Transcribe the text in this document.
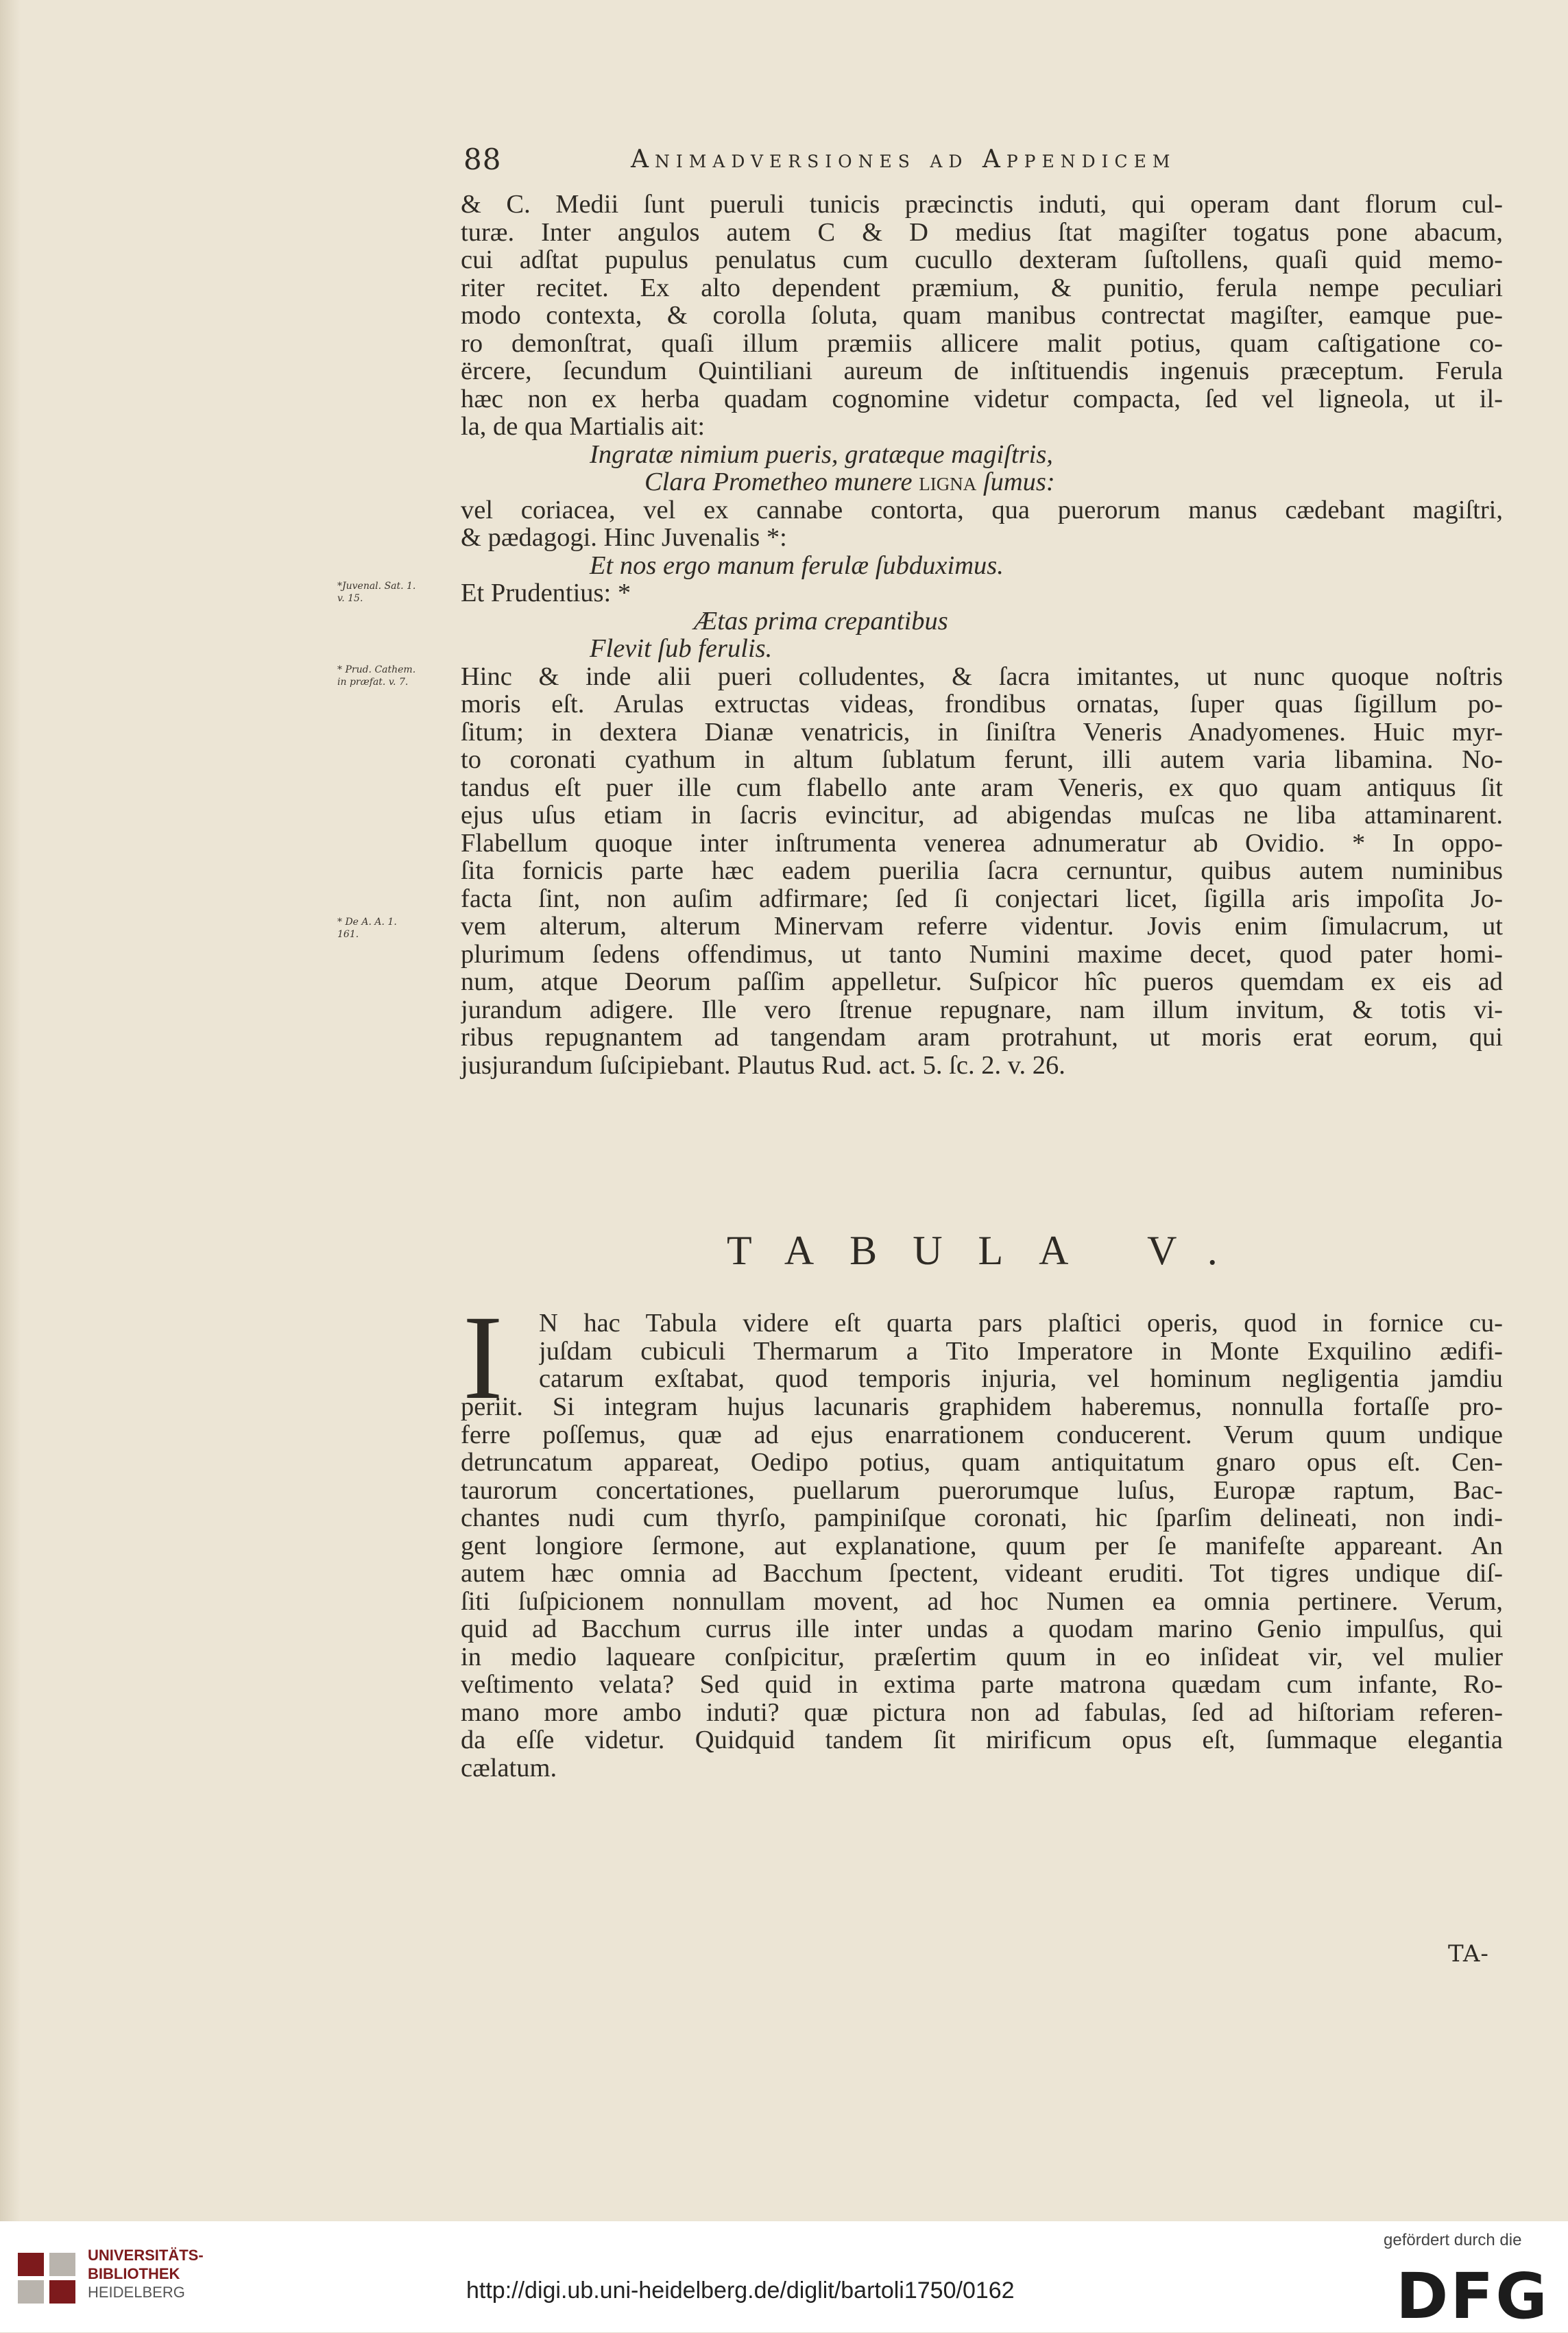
88	Animadversiones ad Appendicem
& C. Medii ſunt pueruli tunicis præcinctis induti, qui operam dant florum cul-
turæ. Inter angulos autem C & D medius ſtat magiſter togatus pone abacum,
cui adſtat pupulus penulatus cum cucullo dexteram ſuſtollens, quaſi quid memo-
riter recitet. Ex alto dependent præmium, & punitio, ferula nempe peculiari
modo contexta, & corolla ſoluta, quam manibus contrectat magiſter, eamque pue-
ro demonſtrat, quaſi illum præmiis allicere malit potius, quam caſtigatione co-
ërcere, ſecundum Quintiliani aureum de inſtituendis ingenuis præceptum. Ferula
hæc non ex herba quadam cognomine videtur compacta, ſed vel ligneola, ut il-
la, de qua Martialis ait:
Ingratæ nimium pueris, gratæque magiſtris,
Clara Prometheo munere ligna ſumus:
vel coriacea, vel ex cannabe contorta, qua puerorum manus cædebant magiſtri,
& pædagogi. Hinc Juvenalis *:
Et nos ergo manum ferulæ ſubduximus.
Et Prudentius: *
Ætas prima crepantibus
Flevit ſub ferulis.
Hinc & inde alii pueri colludentes, & ſacra imitantes, ut nunc quoque noſtris
moris eſt. Arulas extructas videas, frondibus ornatas, ſuper quas ſigillum po-
ſitum; in dextera Dianæ venatricis, in ſiniſtra Veneris Anadyomenes. Huic myr-
to coronati cyathum in altum ſublatum ferunt, illi autem varia libamina. No-
tandus eſt puer ille cum flabello ante aram Veneris, ex quo quam antiquus ſit
ejus uſus etiam in ſacris evincitur, ad abigendas muſcas ne liba attaminarent.
Flabellum quoque inter inſtrumenta venerea adnumeratur ab Ovidio. * In oppo-
ſita fornicis parte hæc eadem puerilia ſacra cernuntur, quibus autem numinibus
facta ſint, non auſim adfirmare; ſed ſi conjectari licet, ſigilla aris impoſita Jo-
vem alterum, alterum Minervam referre videntur. Jovis enim ſimulacrum, ut
plurimum ſedens offendimus, ut tanto Numini maxime decet, quod pater homi-
num, atque Deorum paſſim appelletur. Suſpicor hîc pueros quemdam ex eis ad
jurandum adigere. Ille vero ſtrenue repugnare, nam illum invitum, & totis vi-
ribus repugnantem ad tangendam aram protrahunt, ut moris erat eorum, qui
jusjurandum ſuſcipiebant. Plautus Rud. act. 5. ſc. 2. v. 26.
*Juvenal. Sat. 1.
v. 15.
* Prud. Cathem.
in præfat. v. 7.
* De A. A. 1.
161.
TABULA V.
I N hac Tabula videre eſt quarta pars plaſtici operis, quod in fornice cu-
juſdam cubiculi Thermarum a Tito Imperatore in Monte Exquilino ædifi-
catarum exſtabat, quod temporis injuria, vel hominum negligentia jamdiu
periit. Si integram hujus lacunaris graphidem haberemus, nonnulla fortaſſe pro-
ferre poſſemus, quæ ad ejus enarrationem conducerent. Verum quum undique
detruncatum appareat, Oedipo potius, quam antiquitatum gnaro opus eſt. Cen-
taurorum concertationes, puellarum puerorumque luſus, Europæ raptum, Bac-
chantes nudi cum thyrſo, pampiniſque coronati, hic ſparſim delineati, non indi-
gent longiore ſermone, aut explanatione, quum per ſe manifeſte appareant. An
autem hæc omnia ad Bacchum ſpectent, videant eruditi. Tot tigres undique diſ-
ſiti ſuſpicionem nonnullam movent, ad hoc Numen ea omnia pertinere. Verum,
quid ad Bacchum currus ille inter undas a quodam marino Genio impulſus, qui
in medio laqueare conſpicitur, præſertim quum in eo inſideat vir, vel mulier
veſtimento velata? Sed quid in extima parte matrona quædam cum infante, Ro-
mano more ambo induti? quæ pictura non ad fabulas, ſed ad hiſtoriam referen-
da eſſe videtur. Quidquid tandem ſit mirificum opus eſt, ſummaque elegantia
cælatum.
TA-
UNIVERSITÄTS-
BIBLIOTHEK
HEIDELBERG	http://digi.ub.uni-heidelberg.de/diglit/bartoli1750/0162
gefördert durch die
DFG
